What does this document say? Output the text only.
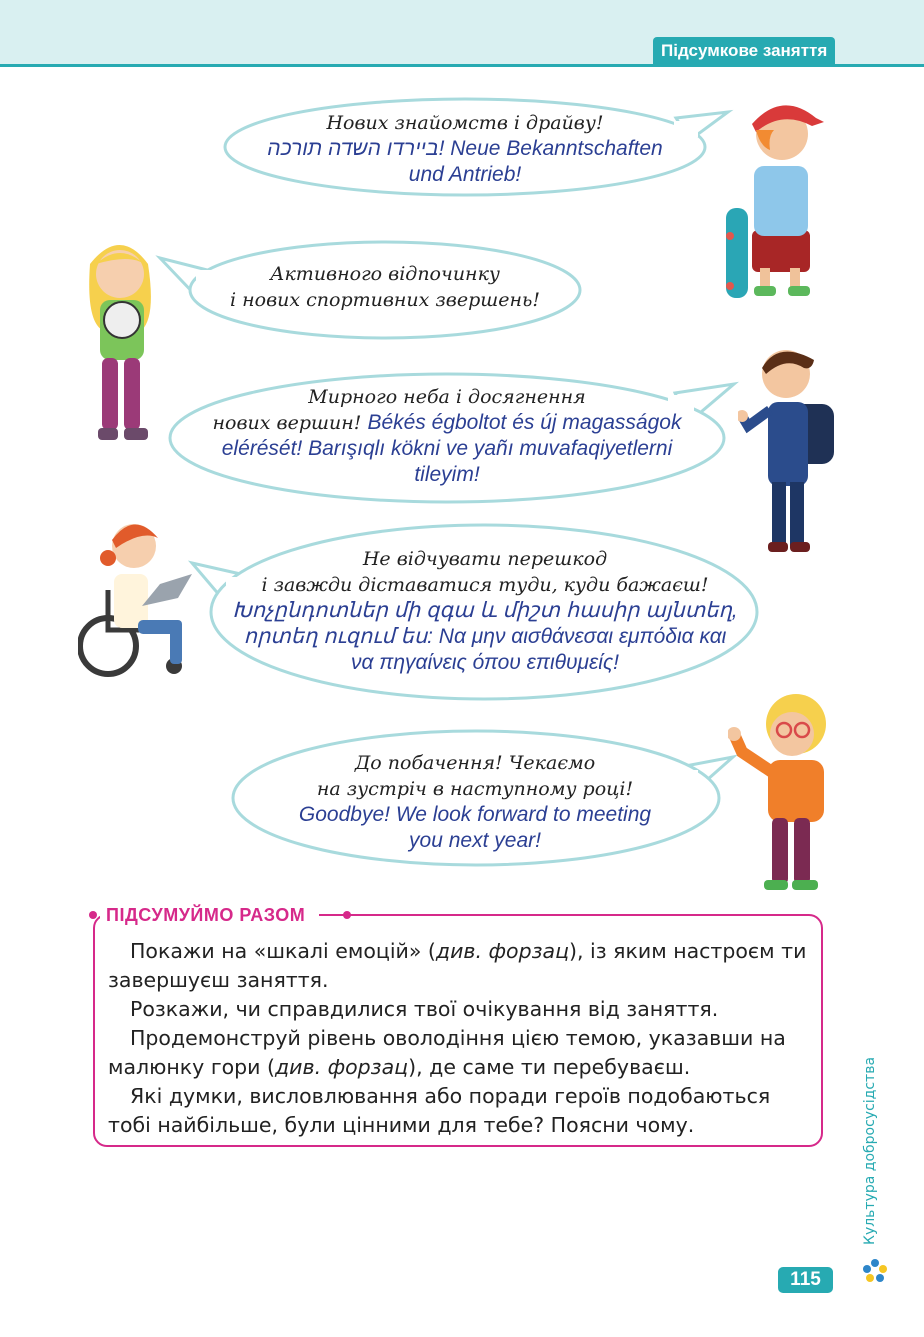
Підсумкове заняття
Нових знайомств і драйву!
ביירדו השדה תורכה! Neue Bekanntschaften
und Antrieb!
Активного відпочинку
і нових спортивних звершень!
Мирного неба і досягнення
нових вершин! Békés égboltot és új magasságok
elérését! Barışıqlı kökni ve yañı muvafaqiyetlerni
tileyim!
Не відчувати перешкод
і завжди діставатися туди, куди бажаєш!
Խոչընդոտներ մի զգա և միշտ հասիր այնտեղ,
որտեղ ուզում ես: Να μην αισθάνεσαι εμπόδια και
να πηγαίνεις όπου επιθυμείς!
До побачення! Чекаємо
на зустріч в наступному році!
Goodbye! We look forward to meeting
you next year!
ПІДСУМУЙМО РАЗОМ

Покажи на «шкалі емоцій» (див. форзац), із яким настроєм ти завершуєш заняття.

Розкажи, чи справдилися твої очікування від заняття.

Продемонструй рівень оволодіння цією темою, указавши на малюнку гори (див. форзац), де саме ти перебуваєш.

Які думки, висловлювання або поради героїв подобаються тобі найбільше, були цінними для тебе? Поясни чому.	Культура добросусідства
115
